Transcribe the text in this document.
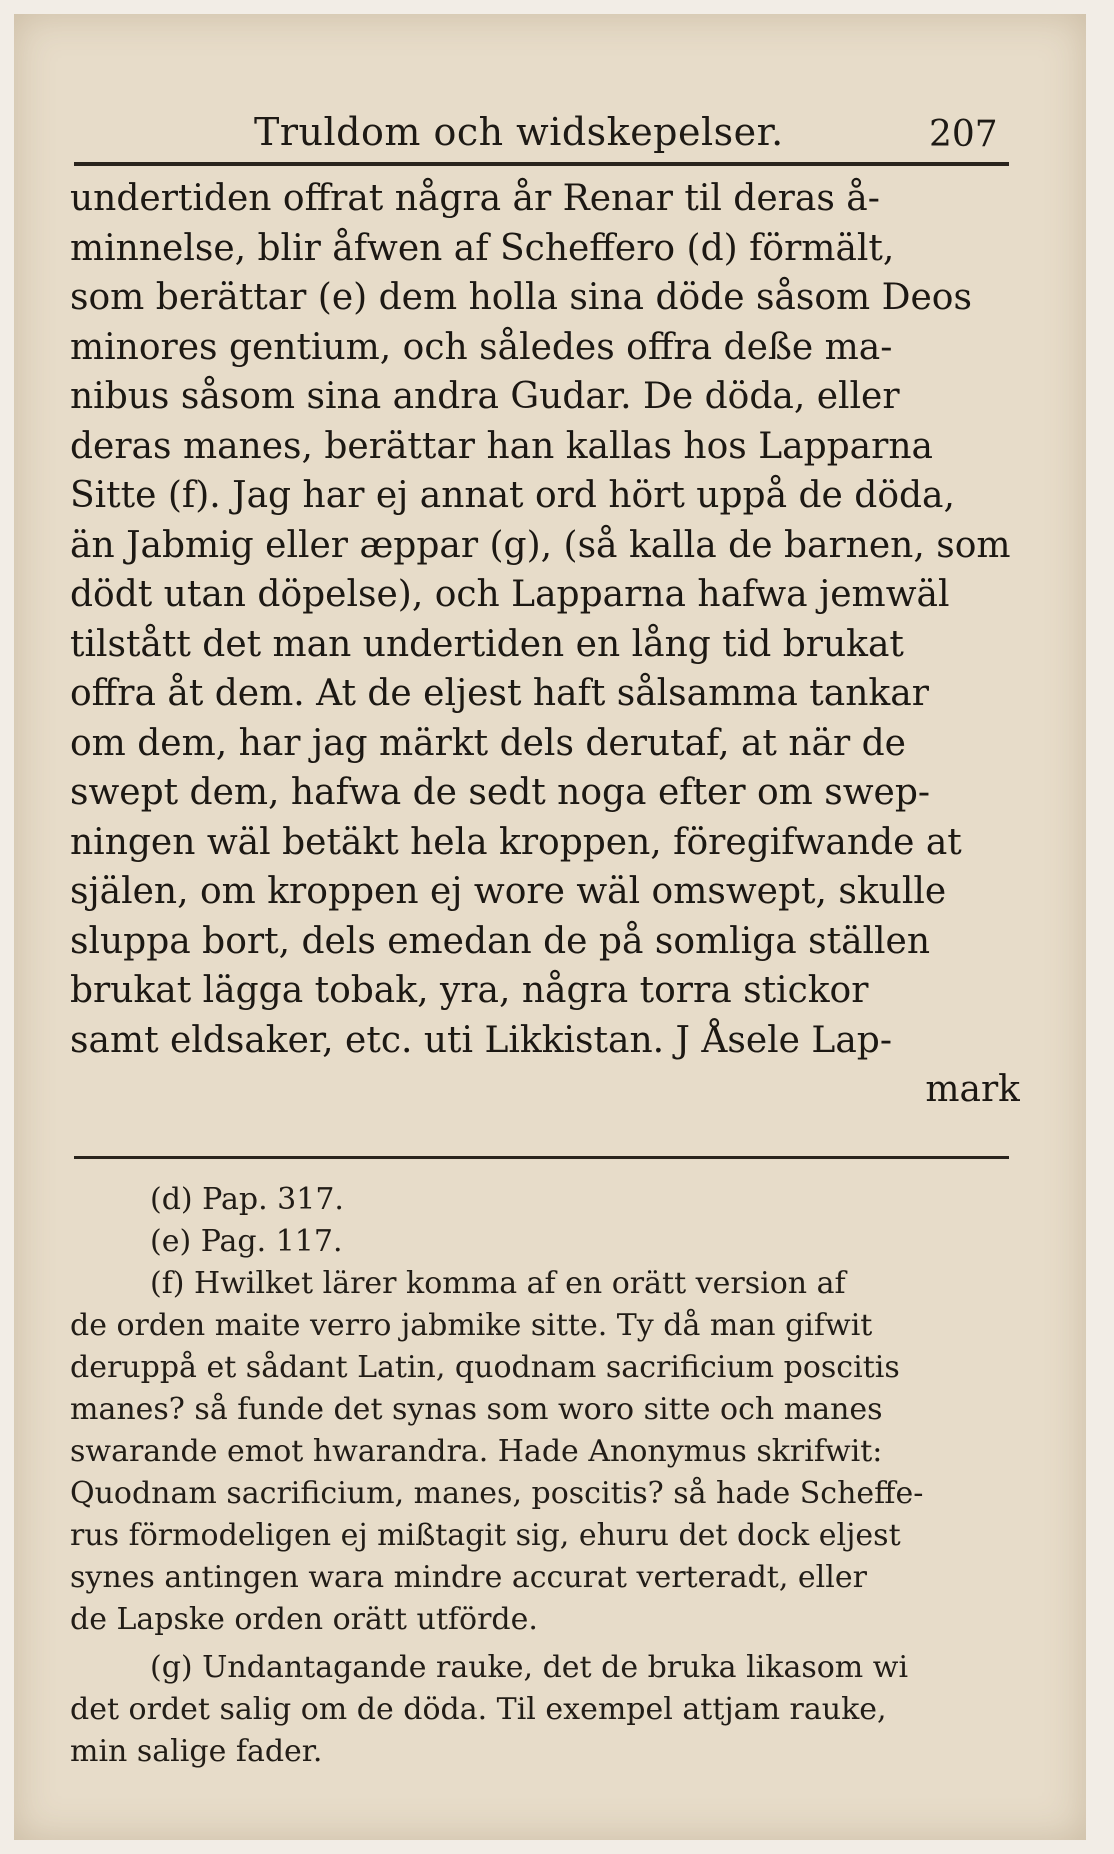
Truldom och widskepelser.	207
undertiden offrat några år Renar til deras å-
minnelse, blir åfwen af Scheffero (d) förmält,
som berättar (e) dem holla sina döde såsom Deos
minores gentium, och således offra deße ma-
nibus såsom sina andra Gudar. De döda, eller
deras manes, berättar han kallas hos Lapparna
Sitte (f). Jag har ej annat ord hört uppå de döda,
än Jabmig eller æppar (g), (så kalla de barnen, som
dödt utan döpelse), och Lapparna hafwa jemwäl
tilstått det man undertiden en lång tid brukat
offra åt dem. At de eljest haft sålsamma tankar
om dem, har jag märkt dels derutaf, at när de
swept dem, hafwa de sedt noga efter om swep-
ningen wäl betäkt hela kroppen, föregifwande at
själen, om kroppen ej wore wäl omswept, skulle
sluppa bort, dels emedan de på somliga ställen
brukat lägga tobak, yra, några torra stickor
samt eldsaker, etc. uti Likkistan. J Åsele Lap-
mark
(d) Pap. 317.
(e) Pag. 117.
(f) Hwilket lärer komma af en orätt version af
de orden maite verro jabmike sitte. Ty då man gifwit
deruppå et sådant Latin, quodnam sacrificium poscitis
manes? så funde det synas som woro sitte och manes
swarande emot hwarandra. Hade Anonymus skrifwit:
Quodnam sacrificium, manes, poscitis? så hade Scheffe-
rus förmodeligen ej mißtagit sig, ehuru det dock eljest
synes antingen wara mindre accurat verteradt, eller
de Lapske orden orätt utförde.
(g) Undantagande rauke, det de bruka likasom wi
det ordet salig om de döda. Til exempel attjam rauke,
min salige fader.
